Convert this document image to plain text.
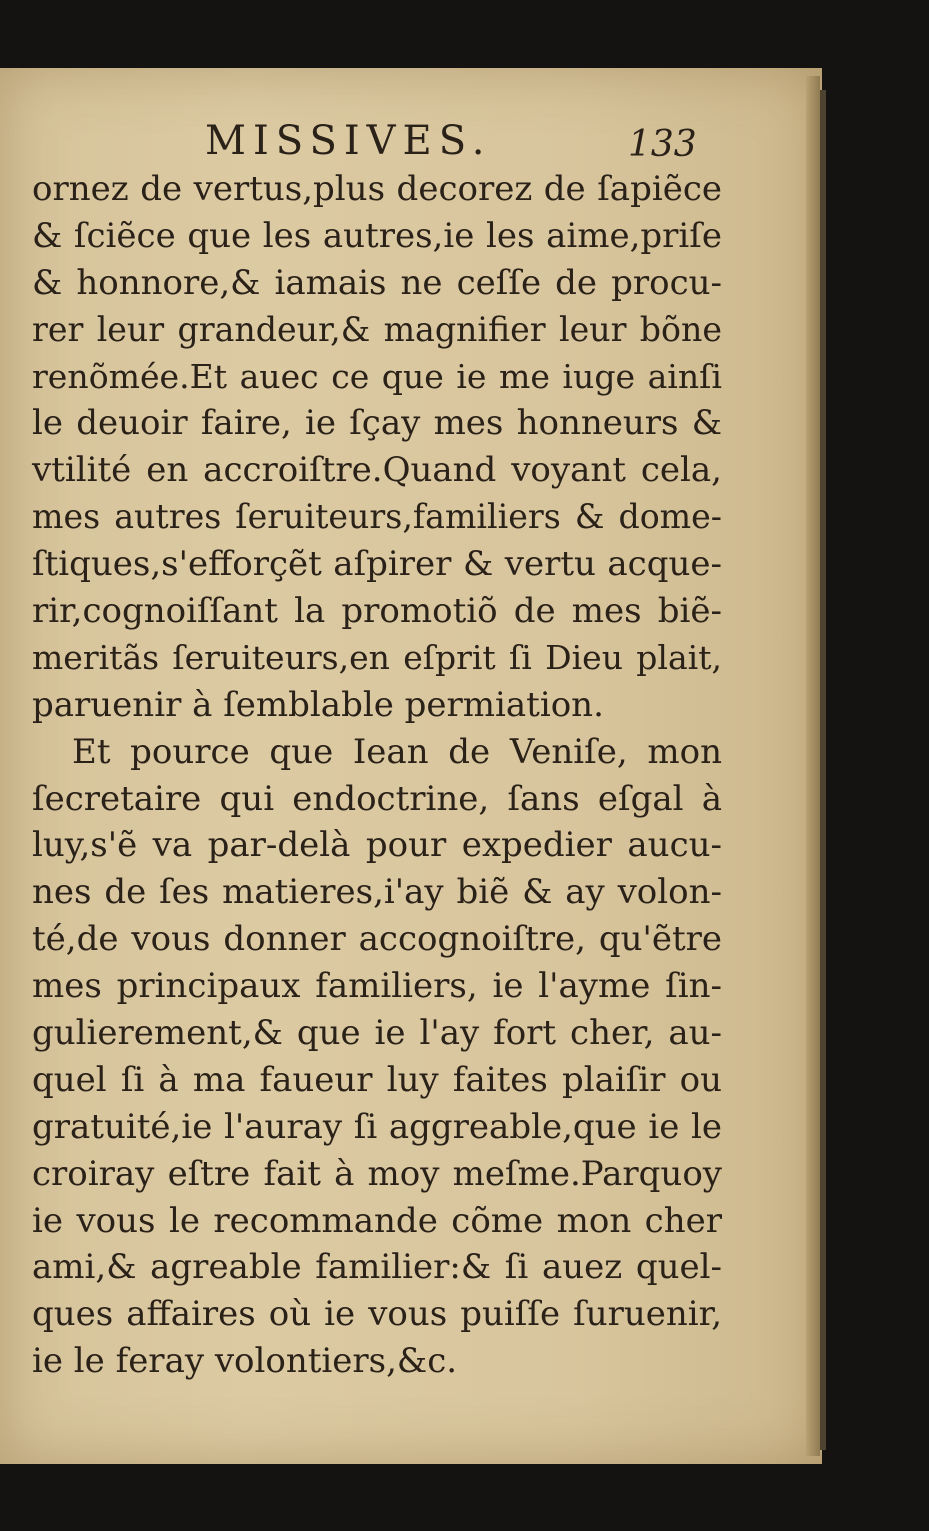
MISSIVES.	133
ornez de vertus,plus decorez de ſapiẽce
& ſciẽce que les autres,ie les aime,priſe
& honnore,& iamais ne ceſſe de procu-
rer leur grandeur,& magnifier leur bõne
renõmée.Et auec ce que ie me iuge ainſi
le deuoir faire, ie ſçay mes honneurs &
vtilité en accroiſtre.Quand voyant cela,
mes autres ſeruiteurs,familiers & dome-
ſtiques,s'efforçẽt aſpirer & vertu acque-
rir,cognoiſſant la promotiõ de mes biẽ-
meritãs ſeruiteurs,en eſprit ſi Dieu plait,
paruenir à ſemblable permiation.
Et pource que Iean de Veniſe, mon
ſecretaire qui endoctrine, ſans eſgal à
luy,s'ẽ va par-delà pour expedier aucu-
nes de ſes matieres,i'ay biẽ & ay volon-
té,de vous donner accognoiſtre, qu'ẽtre
mes principaux familiers, ie l'ayme ſin-
gulierement,& que ie l'ay fort cher, au-
quel ſi à ma faueur luy faites plaiſir ou
gratuité,ie l'auray ſi aggreable,que ie le
croiray eſtre fait à moy meſme.Parquoy
ie vous le recommande cõme mon cher
ami,& agreable familier:& ſi auez quel-
ques affaires où ie vous puiſſe ſuruenir,
ie le feray volontiers,&c.
